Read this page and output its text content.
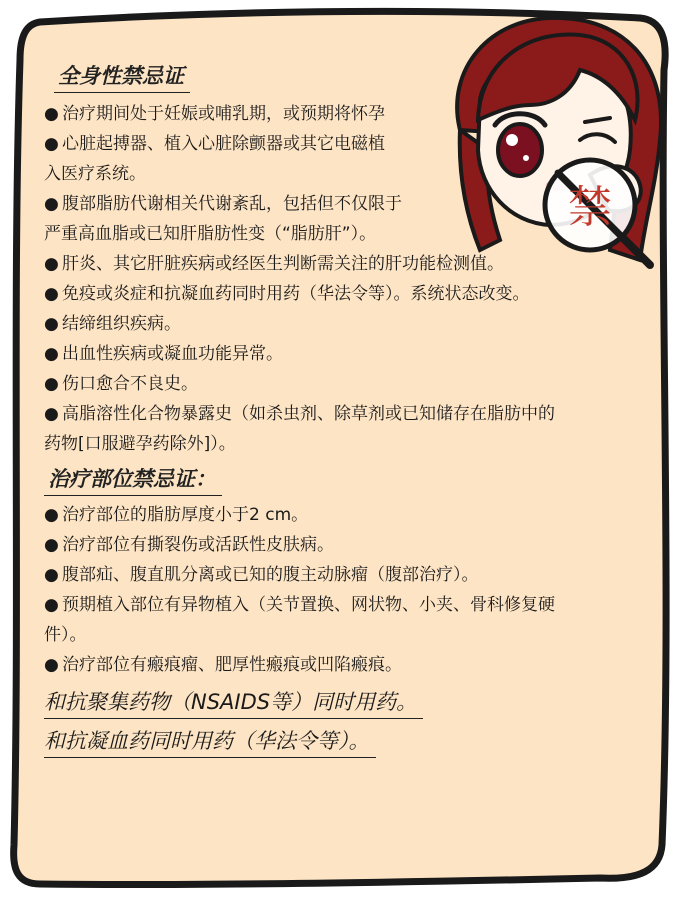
禁
全身性禁忌证

● 治疗期间处于妊娠或哺乳期，或预期将怀孕

● 心脏起搏器、植入心脏除颤器或其它电磁植

入医疗系统。

● 腹部脂肪代谢相关代谢紊乱，包括但不仅限于

严重高血脂或已知肝脂肪性变（“脂肪肝”）。

● 肝炎、其它肝脏疾病或经医生判断需关注的肝功能检测值。

● 免疫或炎症和抗凝血药同时用药（华法令等）。系统状态改变。

● 结缔组织疾病。

● 出血性疾病或凝血功能异常。

● 伤口愈合不良史。

● 高脂溶性化合物暴露史（如杀虫剂、除草剂或已知储存在脂肪中的

药物[口服避孕药除外]）。

治疗部位禁忌证：

● 治疗部位的脂肪厚度小于2 cm。

● 治疗部位有撕裂伤或活跃性皮肤病。

● 腹部疝、腹直肌分离或已知的腹主动脉瘤（腹部治疗）。

● 预期植入部位有异物植入（关节置换、网状物、小夹、骨科修复硬

件）。

● 治疗部位有瘢痕瘤、肥厚性瘢痕或凹陷瘢痕。

和抗聚集药物（NSAIDS等）同时用药。
和抗凝血药同时用药（华法令等）。
